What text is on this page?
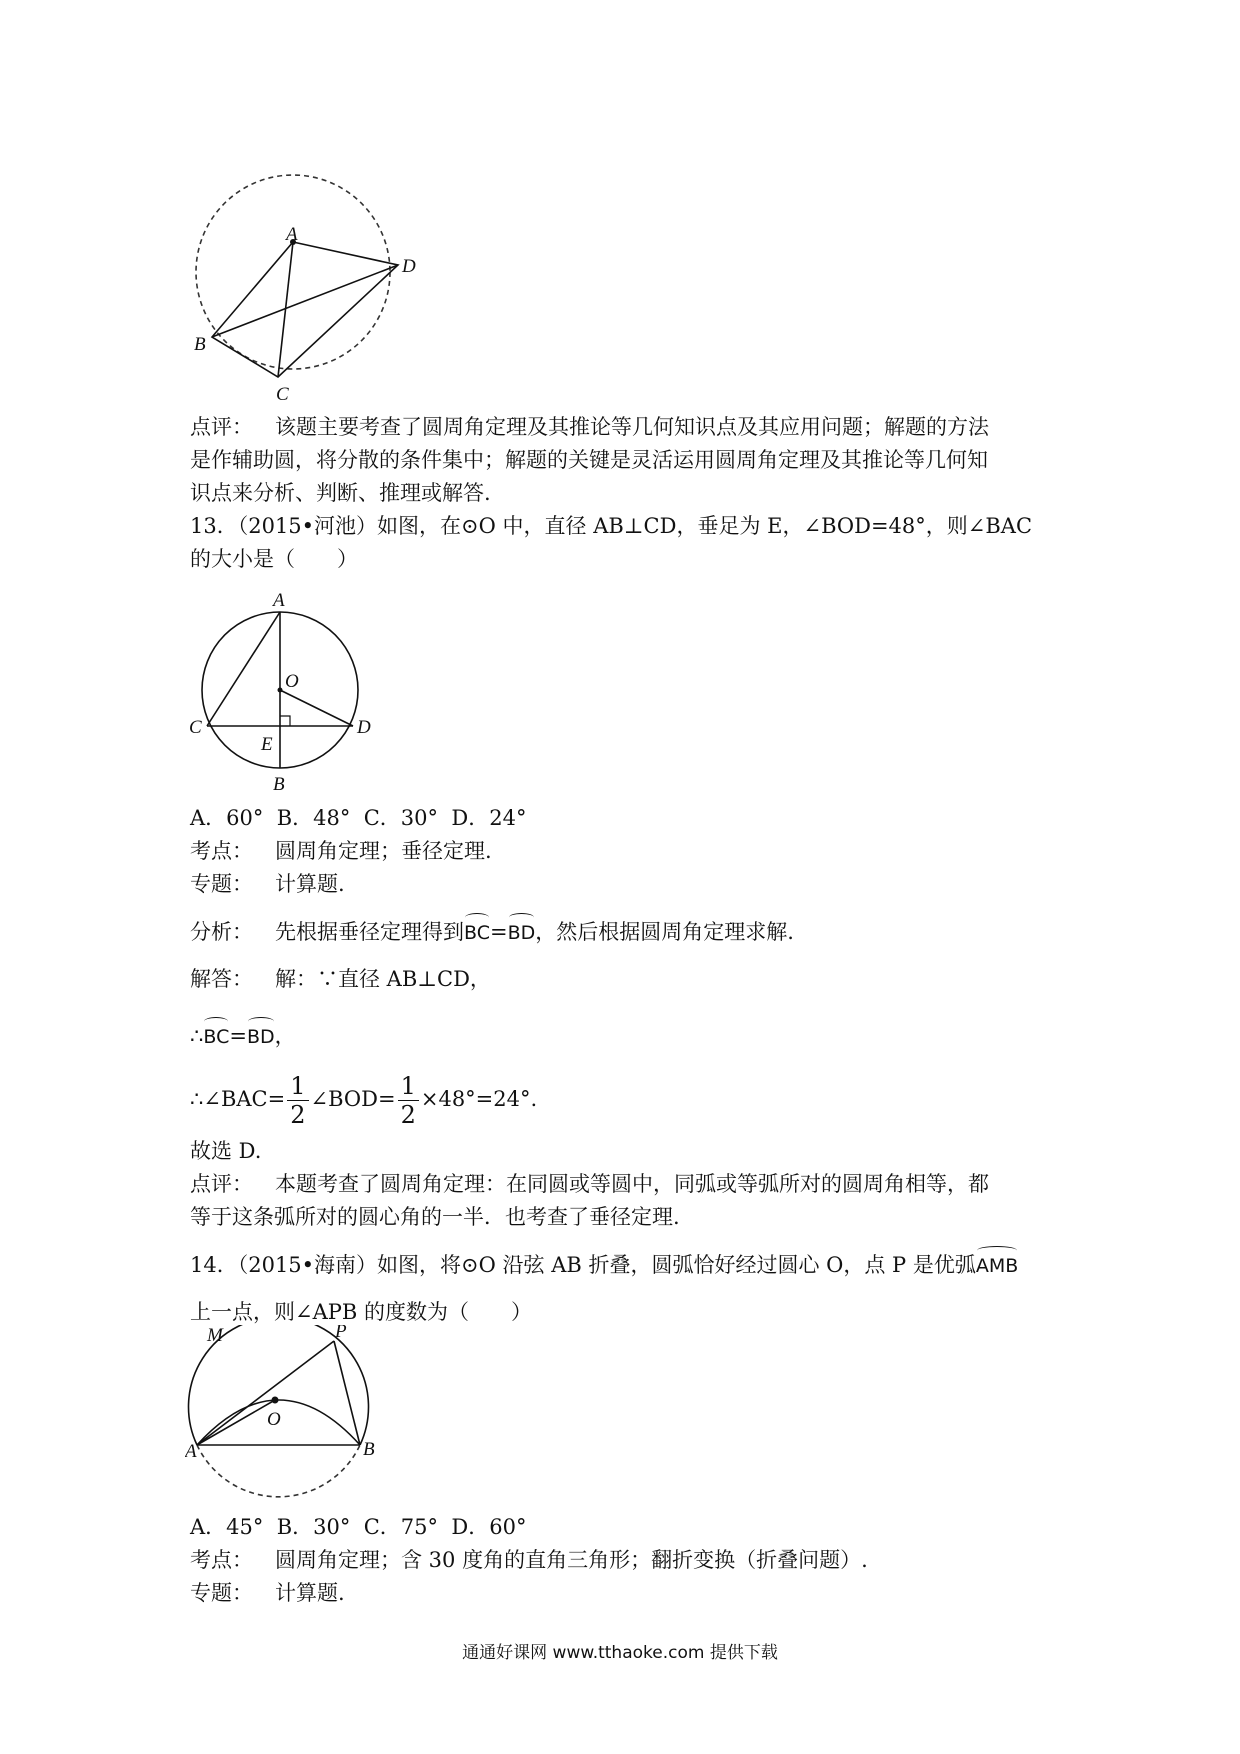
A
D
B
C
点评： 该题主要考查了圆周角定理及其推论等几何知识点及其应用问题；解题的方法
是作辅助圆，将分散的条件集中；解题的关键是灵活运用圆周角定理及其推论等几何知
识点来分析、判断、推理或解答.
13．（2015•河池）如图，在⊙O 中，直径 AB⊥CD，垂足为 E，∠BOD=48°，则∠BAC
的大小是（　　）
A
O
C	D
E
B
A．60°  B．48°  C．30°  D．24°
考点： 圆周角定理；垂径定理.
专题： 计算题.
分析： 先根据垂径定理得到BC=BD，然后根据圆周角定理求解.
解答： 解：∵直径 AB⊥CD，
∴BC=BD，
∴∠BAC= $\frac{1}{2}$ ∠BOD= $\frac{1}{2} \times 48^\circ=24^\circ$.
故选 D.
点评： 本题考查了圆周角定理：在同圆或等圆中，同弧或等弧所对的圆周角相等，都
等于这条弧所对的圆心角的一半．也考查了垂径定理.
14．（2015•海南）如图，将⊙O 沿弦 AB 折叠，圆弧恰好经过圆心 O，点 P 是优弧AMB
上一点，则∠APB 的度数为（　　）
M	P
O
A	B
A．45°  B．30°  C．75°  D．60°
考点： 圆周角定理；含 30 度角的直角三角形；翻折变换（折叠问题）.
专题： 计算题.
通通好课网 www.tthaoke.com 提供下载
